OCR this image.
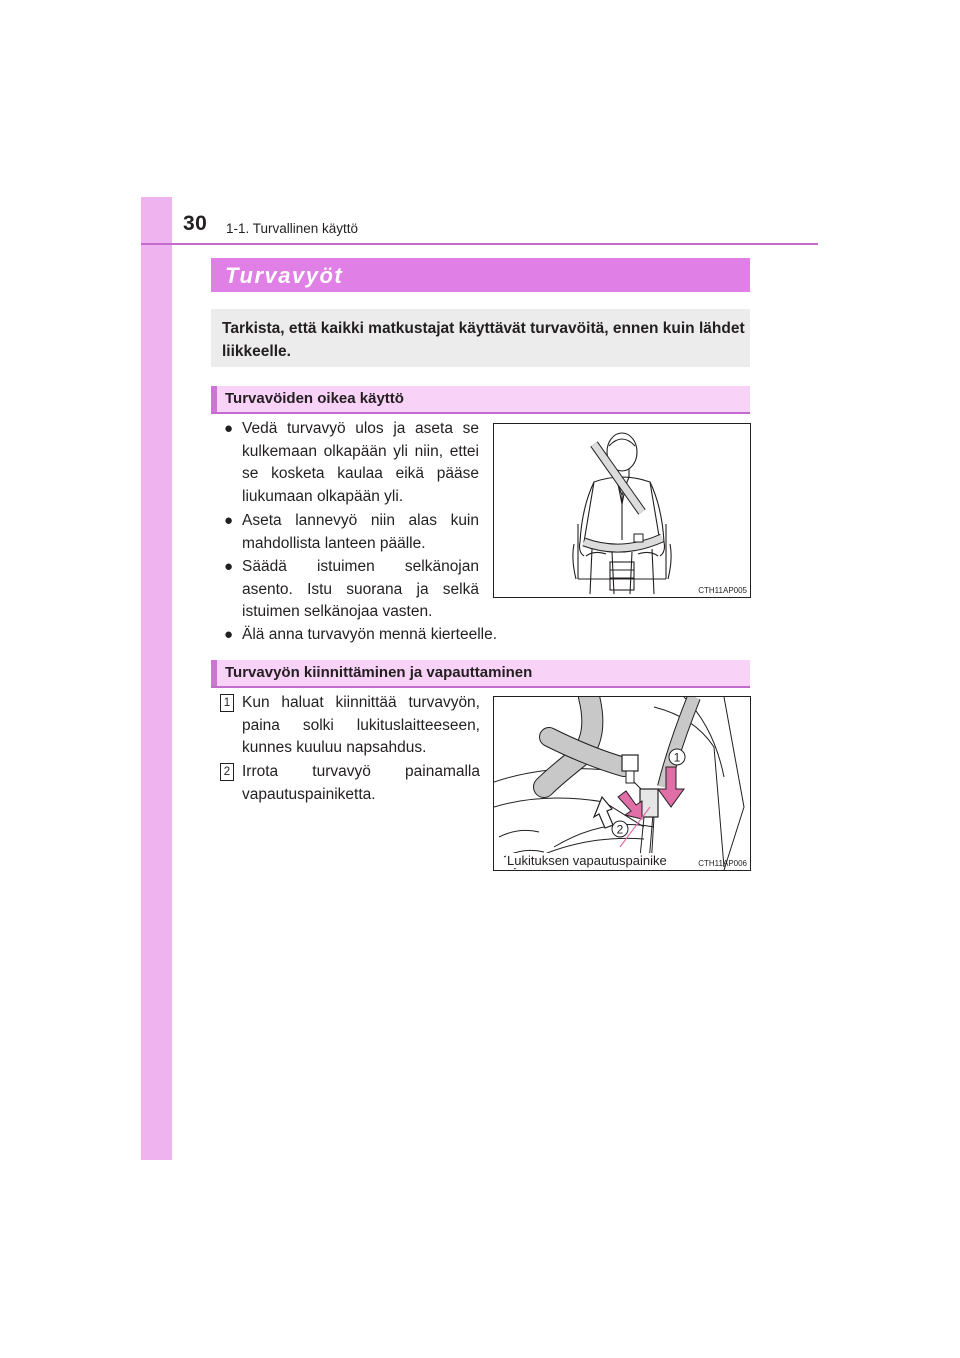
30 1-1. Turvallinen käyttö
Turvavyöt

Tarkista, että kaikki matkustajat käyttävät turvavöitä, ennen kuin lähdet liikkeelle.

Turvavöiden oikea käyttö
● Vedä turvavyö ulos ja aseta se kulkemaan olkapään yli niin, ettei se kosketa kaulaa eikä pääse liukumaan olkapään yli.
● Aseta lannevyö niin alas kuin mahdollista lanteen päälle.
● Säädä istuimen selkänojan asento. Istu suorana ja selkä istuimen selkänojaa vasten.
● Älä anna turvavyön mennä kierteelle.
CTH11AP005
Turvavyön kiinnittäminen ja vapauttaminen
1 Kun haluat kiinnittää turvavyön, paina solki lukituslaitteeseen, kunnes kuuluu napsahdus.
2 Irrota turvavyö painamalla vapautuspainiketta.
1
2
Lukituksen vapautuspainike	CTH11AP006
